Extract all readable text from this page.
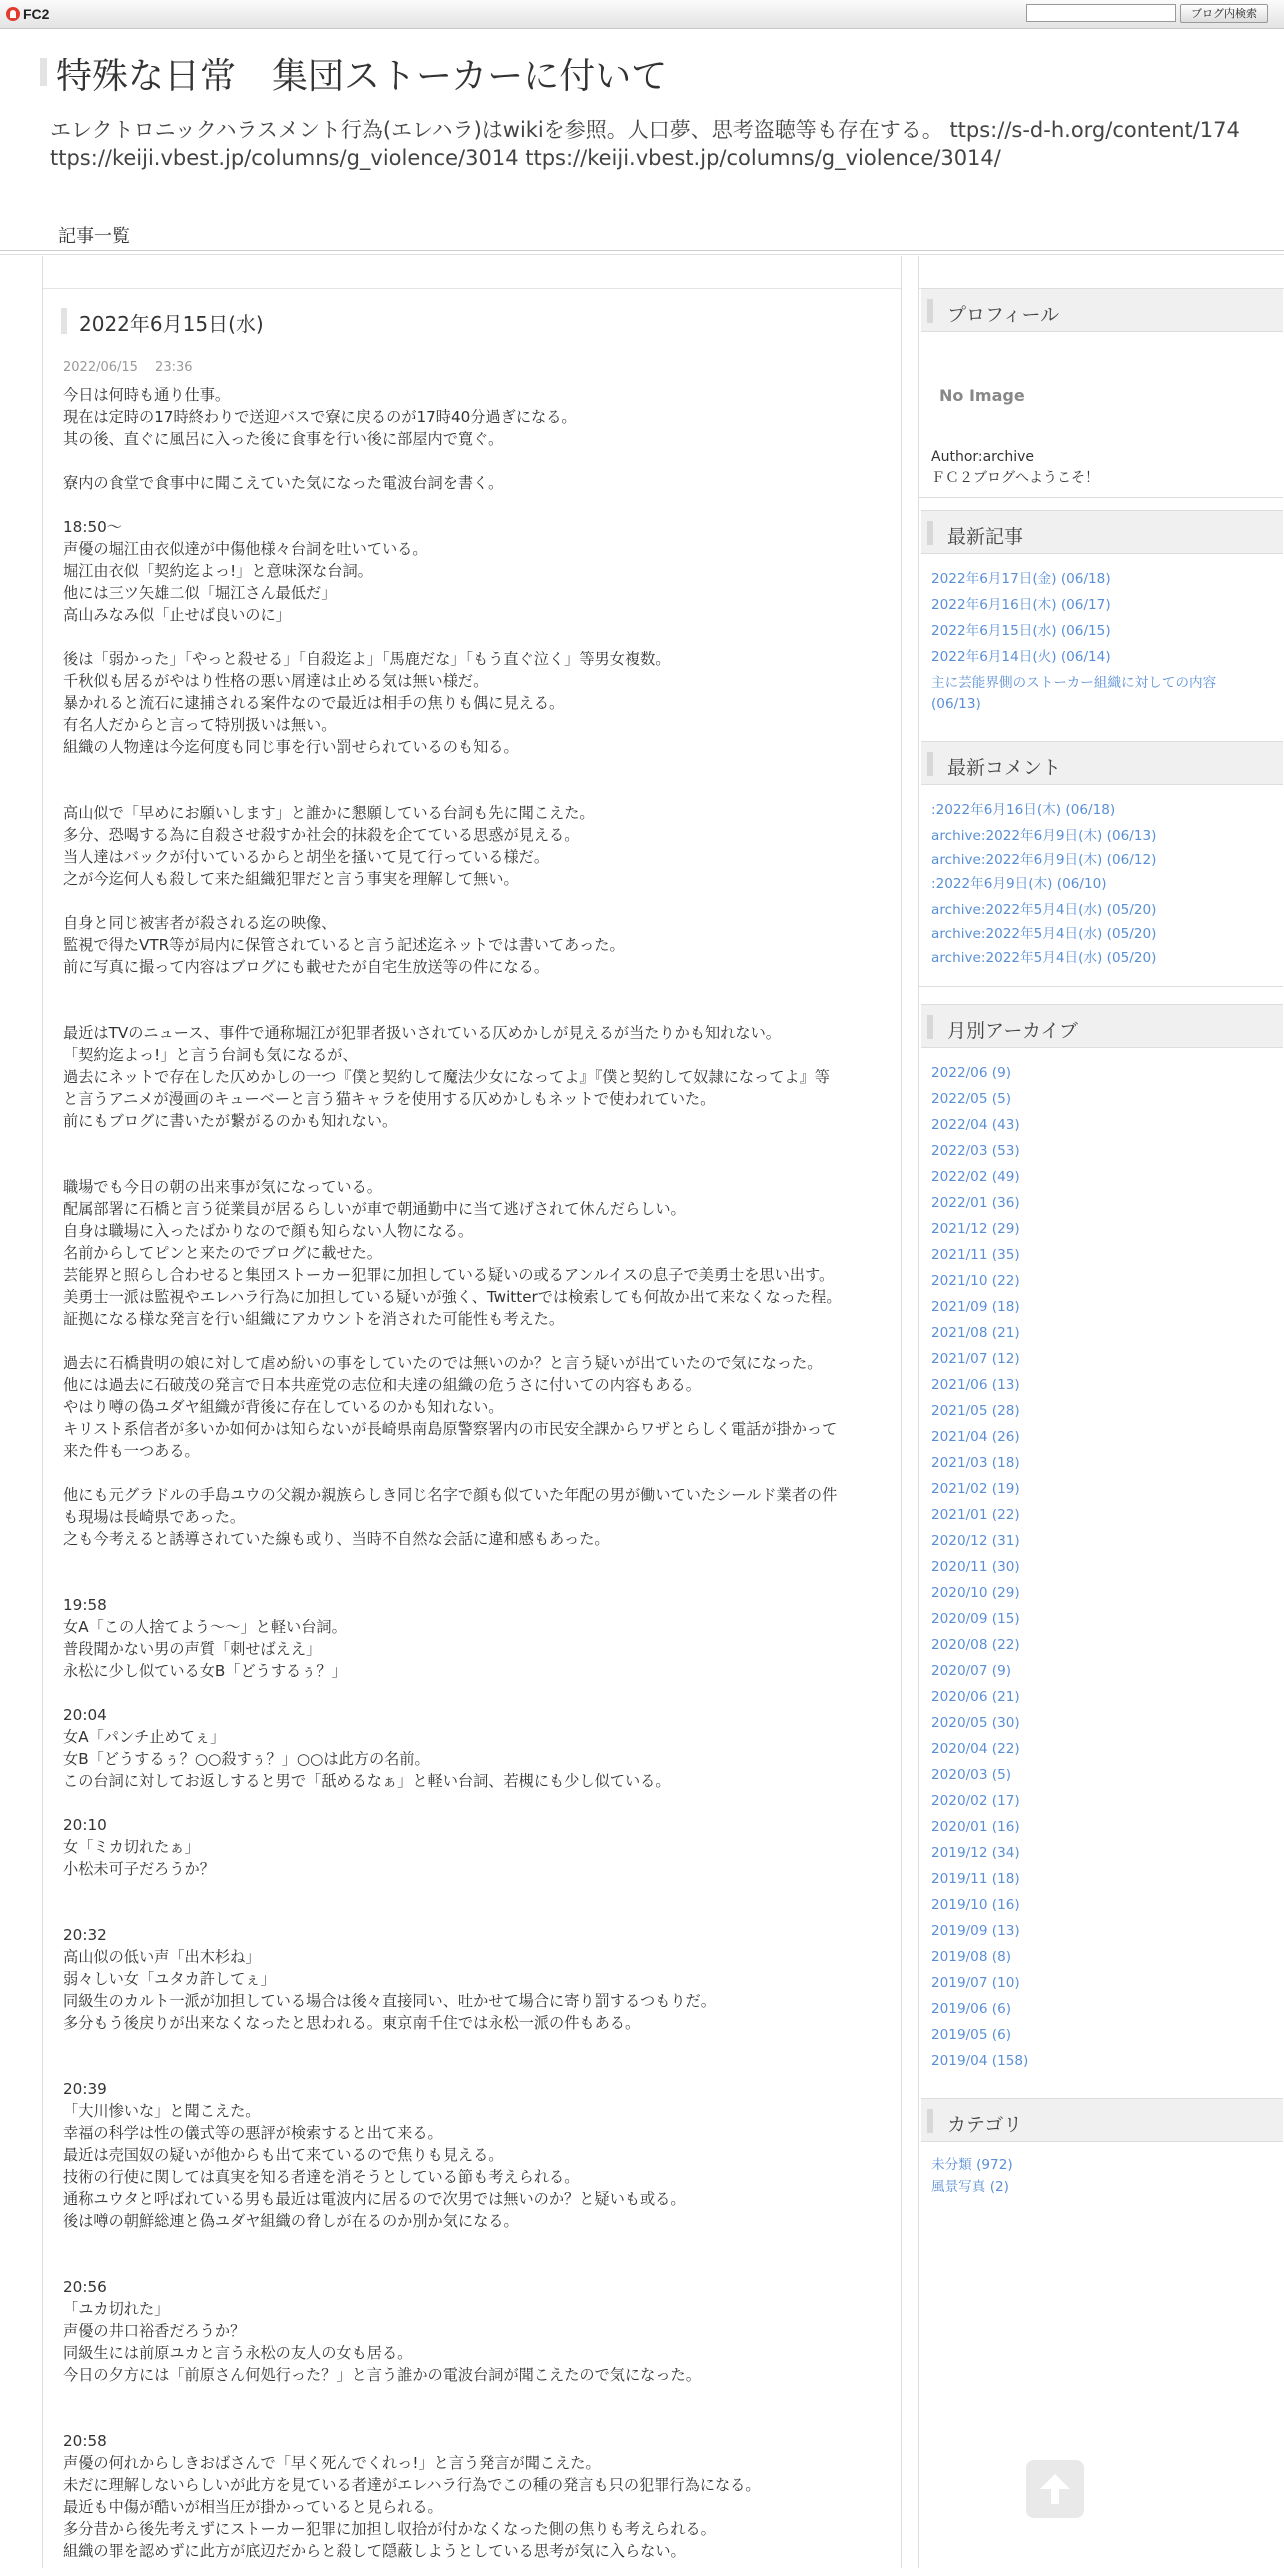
FC2	ブログ内検索
特殊な日常　集団ストーカーに付いて
エレクトロニックハラスメント行為(エレハラ)はwikiを参照。人口夢、思考盗聴等も存在する。 ttps://s-d-h.org/content/174
ttps://keiji.vbest.jp/columns/g_violence/3014 ttps://keiji.vbest.jp/columns/g_violence/3014/
記事一覧
2022年6月15日(水)
2022/06/15　 23:36

今日は何時も通り仕事。

現在は定時の17時終わりで送迎バスで寮に戻るのが17時40分過ぎになる。

其の後、直ぐに風呂に入った後に食事を行い後に部屋内で寛ぐ。

寮内の食堂で食事中に聞こえていた気になった電波台詞を書く。

18:50～

声優の堀江由衣似達が中傷他様々台詞を吐いている。

堀江由衣似「契約迄よっ!」と意味深な台詞。

他には三ツ矢雄二似「堀江さん最低だ」

高山みなみ似「止せば良いのに」

後は「弱かった」「やっと殺せる」「自殺迄よ」「馬鹿だな」「もう直ぐ泣く」等男女複数。

千秋似も居るがやはり性格の悪い屑達は止める気は無い様だ。

暴かれると流石に逮捕される案件なので最近は相手の焦りも偶に見える。

有名人だからと言って特別扱いは無い。

組織の人物達は今迄何度も同じ事を行い罰せられているのも知る。

高山似で「早めにお願いします」と誰かに懇願している台詞も先に聞こえた。

多分、恐喝する為に自殺させ殺すか社会的抹殺を企てている思惑が見える。

当人達はバックが付いているからと胡坐を搔いて見て行っている様だ。

之が今迄何人も殺して来た組織犯罪だと言う事実を理解して無い。

自身と同じ被害者が殺される迄の映像、

監視で得たVTR等が局内に保管されていると言う記述迄ネットでは書いてあった。

前に写真に撮って内容はブログにも載せたが自宅生放送等の件になる。

最近はTVのニュース、事件で通称堀江が犯罪者扱いされている仄めかしが見えるが当たりかも知れない。

「契約迄よっ!」と言う台詞も気になるが、

過去にネットで存在した仄めかしの一つ『僕と契約して魔法少女になってよ』『僕と契約して奴隷になってよ』等

と言うアニメが漫画のキューベーと言う猫キャラを使用する仄めかしもネットで使われていた。

前にもブログに書いたが繋がるのかも知れない。

職場でも今日の朝の出来事が気になっている。

配属部署に石橋と言う従業員が居るらしいが車で朝通勤中に当て逃げされて休んだらしい。

自身は職場に入ったばかりなので顔も知らない人物になる。

名前からしてピンと来たのでブログに載せた。

芸能界と照らし合わせると集団ストーカー犯罪に加担している疑いの或るアンルイスの息子で美勇士を思い出す。

美勇士一派は監視やエレハラ行為に加担している疑いが強く、Twitterでは検索しても何故か出て来なくなった程。

証拠になる様な発言を行い組織にアカウントを消された可能性も考えた。

過去に石橋貴明の娘に対して虐め紛いの事をしていたのでは無いのか？と言う疑いが出ていたので気になった。

他には過去に石破茂の発言で日本共産党の志位和夫達の組織の危うさに付いての内容もある。

やはり噂の偽ユダヤ組織が背後に存在しているのかも知れない。

キリスト系信者が多いか如何かは知らないが長崎県南島原警察署内の市民安全課からワザとらしく電話が掛かって

来た件も一つある。

他にも元グラドルの手島ユウの父親か親族らしき同じ名字で顔も似ていた年配の男が働いていたシールド業者の件

も現場は長崎県であった。

之も今考えると誘導されていた線も或り、当時不自然な会話に違和感もあった。

19:58

女A「この人捨てよう～～」と軽い台詞。

普段聞かない男の声質「刺せばええ」

永松に少し似ている女B「どうするぅ？」

20:04

女A「パンチ止めてぇ」

女B「どうするぅ？○○殺すぅ？」○○は此方の名前。

この台詞に対してお返しすると男で「舐めるなぁ」と軽い台詞、若槻にも少し似ている。

20:10

女「ミカ切れたぁ」

小松未可子だろうか？

20:32

高山似の低い声「出木杉ね」

弱々しい女「ユタカ許してぇ」

同級生のカルト一派が加担している場合は後々直接同い、吐かせて場合に寄り罰するつもりだ。

多分もう後戻りが出来なくなったと思われる。東京南千住では永松一派の件もある。

20:39

「大川惨いな」と聞こえた。

幸福の科学は性の儀式等の悪評が検索すると出て来る。

最近は売国奴の疑いが他からも出て来ているので焦りも見える。

技術の行使に関しては真実を知る者達を消そうとしている節も考えられる。

通称ユウタと呼ばれている男も最近は電波内に居るので次男では無いのか？と疑いも或る。

後は噂の朝鮮総連と偽ユダヤ組織の脅しが在るのか別か気になる。

20:56

「ユカ切れた」

声優の井口裕香だろうか？

同級生には前原ユカと言う永松の友人の女も居る。

今日の夕方には「前原さん何処行った？」と言う誰かの電波台詞が聞こえたので気になった。

20:58

声優の何れからしきおばさんで「早く死んでくれっ!」と言う発言が聞こえた。

未だに理解しないらしいが此方を見ている者達がエレハラ行為でこの種の発言も只の犯罪行為になる。

最近も中傷が酷いが相当圧が掛かっていると見られる。

多分昔から後先考えずにストーカー犯罪に加担し収拾が付かなくなった側の焦りも考えられる。

組織の罪を認めずに此方が底辺だからと殺して隠蔽しようとしている思考が気に入らない。

プロフィール
No Image
Author:archive
ＦＣ２ブログへようこそ！
最新記事
2022年6月17日(金) (06/18)
2022年6月16日(木) (06/17)
2022年6月15日(水) (06/15)
2022年6月14日(火) (06/14)
主に芸能界側のストーカー組織に対しての内容 (06/13)
最新コメント
:2022年6月16日(木) (06/18)
archive:2022年6月9日(木) (06/13)
archive:2022年6月9日(木) (06/12)
:2022年6月9日(木) (06/10)
archive:2022年5月4日(水) (05/20)
archive:2022年5月4日(水) (05/20)
archive:2022年5月4日(水) (05/20)
月別アーカイブ
2022/06 (9)
2022/05 (5)
2022/04 (43)
2022/03 (53)
2022/02 (49)
2022/01 (36)
2021/12 (29)
2021/11 (35)
2021/10 (22)
2021/09 (18)
2021/08 (21)
2021/07 (12)
2021/06 (13)
2021/05 (28)
2021/04 (26)
2021/03 (18)
2021/02 (19)
2021/01 (22)
2020/12 (31)
2020/11 (30)
2020/10 (29)
2020/09 (15)
2020/08 (22)
2020/07 (9)
2020/06 (21)
2020/05 (30)
2020/04 (22)
2020/03 (5)
2020/02 (17)
2020/01 (16)
2019/12 (34)
2019/11 (18)
2019/10 (16)
2019/09 (13)
2019/08 (8)
2019/07 (10)
2019/06 (6)
2019/05 (6)
2019/04 (158)
カテゴリ
未分類 (972)
風景写真 (2)
